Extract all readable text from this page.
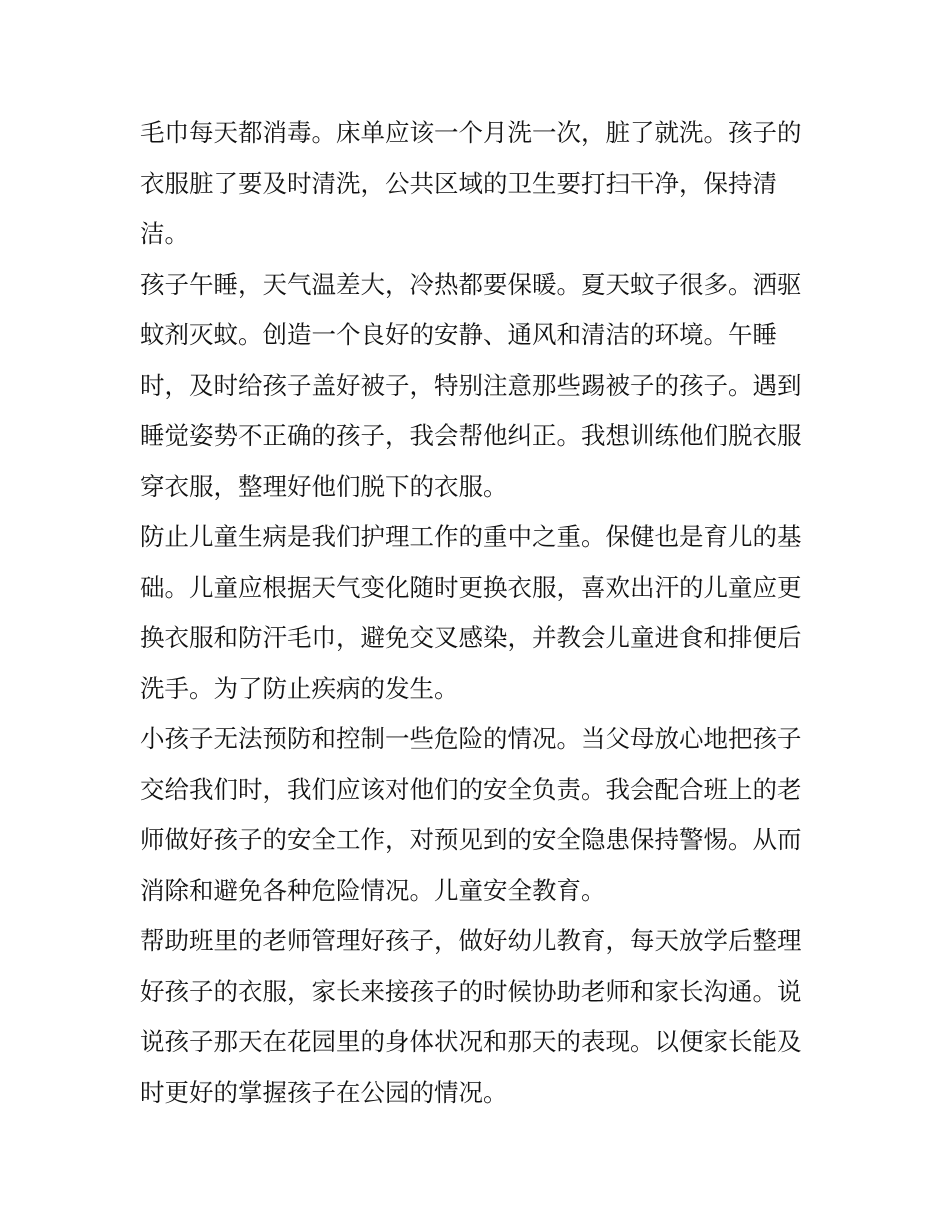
毛巾每天都消毒。床单应该一个月洗一次，脏了就洗。孩子的
衣服脏了要及时清洗，公共区域的卫生要打扫干净，保持清
洁。
孩子午睡，天气温差大，冷热都要保暖。夏天蚊子很多。洒驱
蚊剂灭蚊。创造一个良好的安静、通风和清洁的环境。午睡
时，及时给孩子盖好被子，特别注意那些踢被子的孩子。遇到
睡觉姿势不正确的孩子，我会帮他纠正。我想训练他们脱衣服
穿衣服，整理好他们脱下的衣服。
防止儿童生病是我们护理工作的重中之重。保健也是育儿的基
础。儿童应根据天气变化随时更换衣服，喜欢出汗的儿童应更
换衣服和防汗毛巾，避免交叉感染，并教会儿童进食和排便后
洗手。为了防止疾病的发生。
小孩子无法预防和控制一些危险的情况。当父母放心地把孩子
交给我们时，我们应该对他们的安全负责。我会配合班上的老
师做好孩子的安全工作，对预见到的安全隐患保持警惕。从而
消除和避免各种危险情况。儿童安全教育。
帮助班里的老师管理好孩子，做好幼儿教育，每天放学后整理
好孩子的衣服，家长来接孩子的时候协助老师和家长沟通。说
说孩子那天在花园里的身体状况和那天的表现。以便家长能及
时更好的掌握孩子在公园的情况。
